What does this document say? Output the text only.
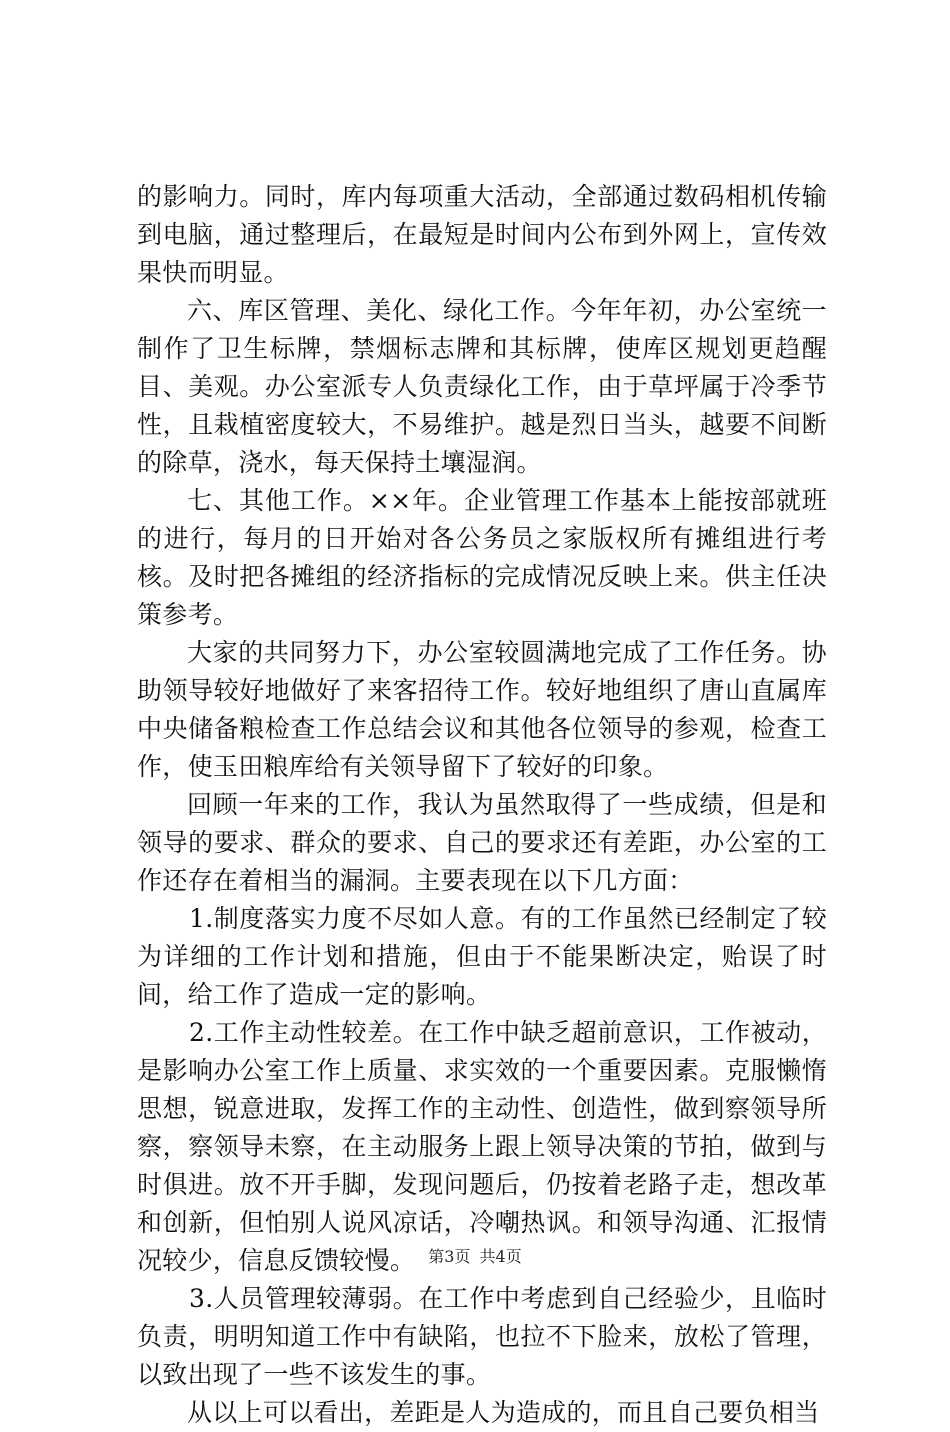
的影响力。同时，库内每项重大活动，全部通过数码相机传输到电脑，通过整理后，在最短是时间内公布到外网上，宣传效果快而明显。

六、库区管理、美化、绿化工作。今年年初，办公室统一制作了卫生标牌，禁烟标志牌和其标牌，使库区规划更趋醒目、美观。办公室派专人负责绿化工作，由于草坪属于冷季节性，且栽植密度较大，不易维护。越是烈日当头，越要不间断的除草，浇水，每天保持土壤湿润。

七、其他工作。××年。企业管理工作基本上能按部就班的进行，每月的日开始对各公务员之家版权所有摊组进行考核。及时把各摊组的经济指标的完成情况反映上来。供主任决策参考。

大家的共同努力下，办公室较圆满地完成了工作任务。协助领导较好地做好了来客招待工作。较好地组织了唐山直属库中央储备粮检查工作总结会议和其他各位领导的参观，检查工作，使玉田粮库给有关领导留下了较好的印象。

回顾一年来的工作，我认为虽然取得了一些成绩，但是和领导的要求、群众的要求、自己的要求还有差距，办公室的工作还存在着相当的漏洞。主要表现在以下几方面：

1.制度落实力度不尽如人意。有的工作虽然已经制定了较为详细的工作计划和措施，但由于不能果断决定，贻误了时间，给工作了造成一定的影响。

2.工作主动性较差。在工作中缺乏超前意识，工作被动，是影响办公室工作上质量、求实效的一个重要因素。克服懒惰思想，锐意进取，发挥工作的主动性、创造性，做到察领导所察，察领导未察，在主动服务上跟上领导决策的节拍，做到与时俱进。放不开手脚，发现问题后，仍按着老路子走，想改革和创新，但怕别人说风凉话，冷嘲热讽。和领导沟通、汇报情况较少，信息反馈较慢。

3.人员管理较薄弱。在工作中考虑到自己经验少，且临时负责，明明知道工作中有缺陷，也拉不下脸来，放松了管理，以致出现了一些不该发生的事。

从以上可以看出，差距是人为造成的，而且自己要负相当

第3页 共4页
